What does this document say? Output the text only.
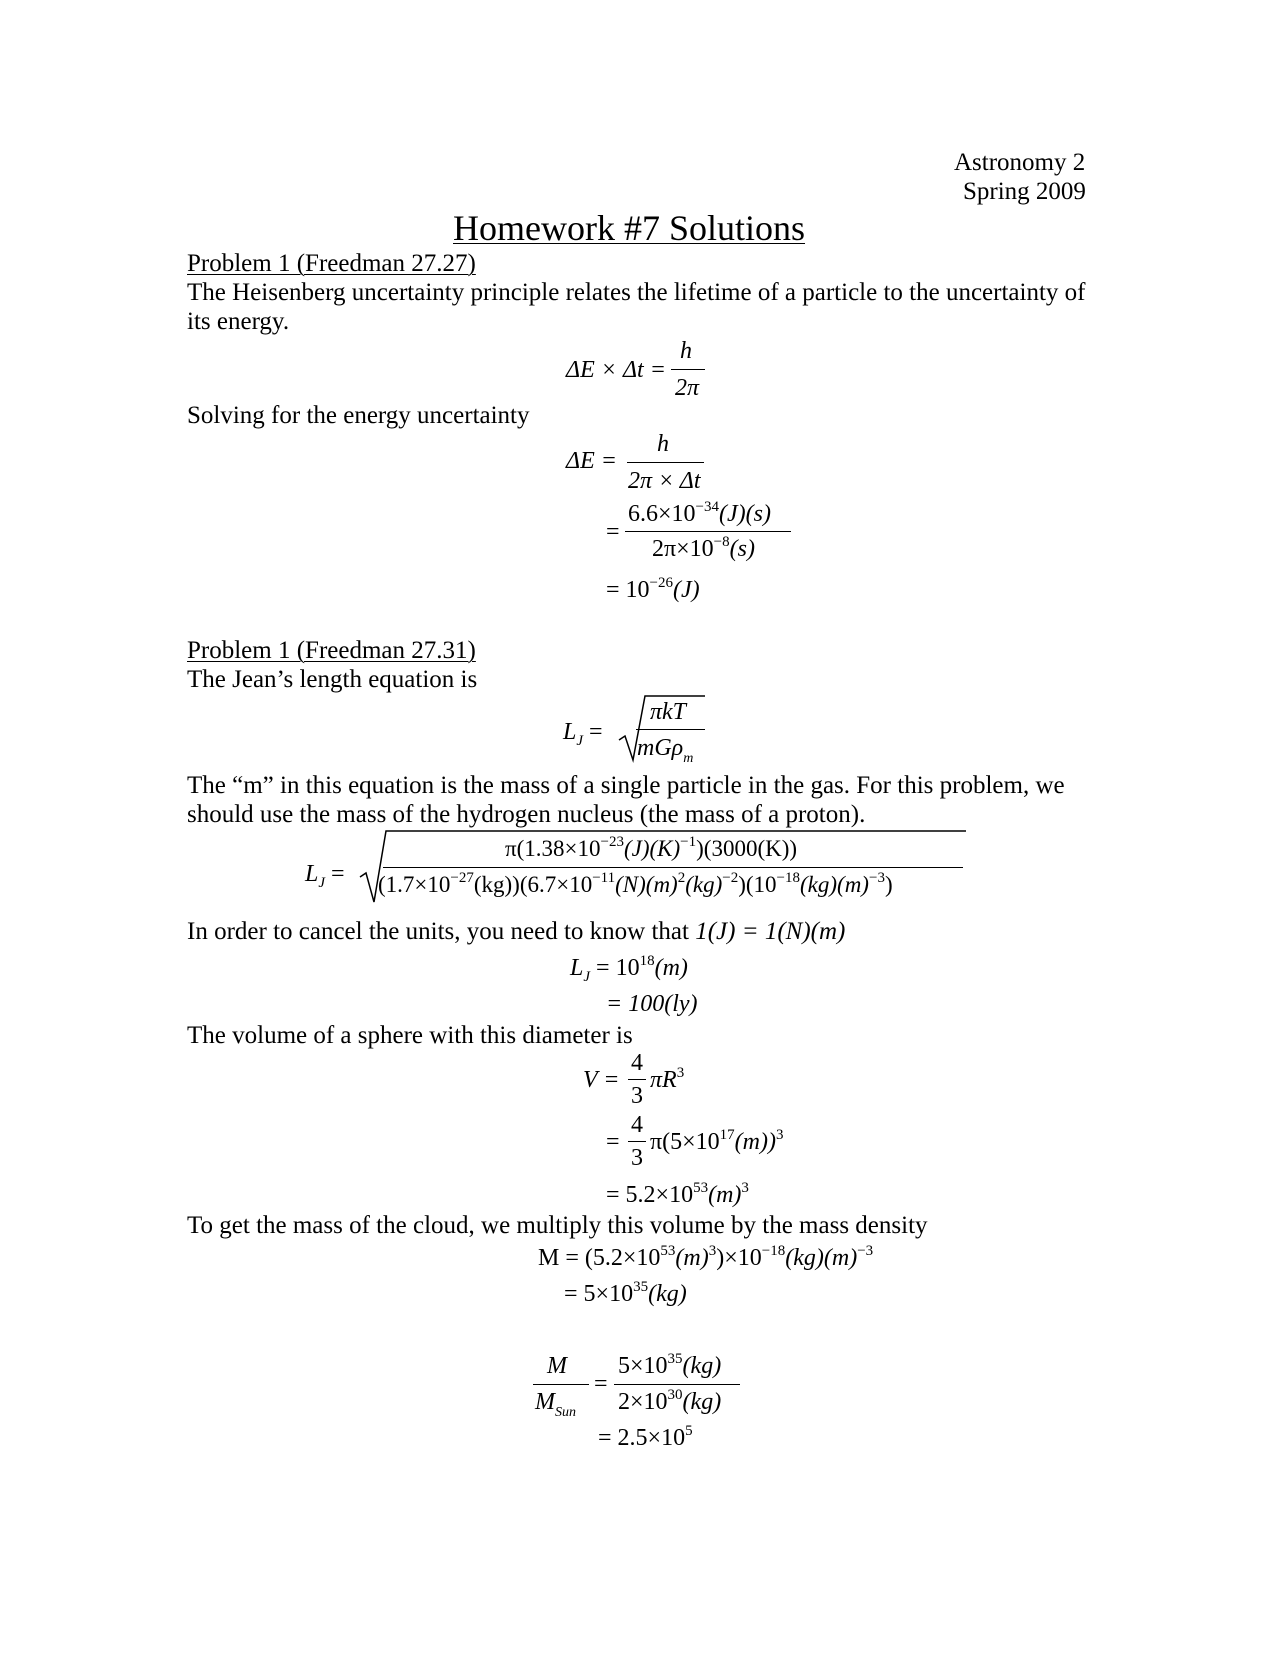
Astronomy 2
Spring 2009
Homework #7 Solutions
Problem 1 (Freedman 27.27)
The Heisenberg uncertainty principle relates the lifetime of a particle to the uncertainty of
its energy.
ΔE × Δt =
h
2π
Solving for the energy uncertainty
ΔE =
h
2π × Δt
=
$6.6\times 10^{-34}(J)(s)$
$2\pi\times 10^{-8}(s)$
= $10^{-26}(J)$
Problem 1 (Freedman 27.31)
The Jean’s length equation is
$L_J$ =
πkT
mGρ$_m$
The “m” in this equation is the mass of a single particle in the gas. For this problem, we
should use the mass of the hydrogen nucleus (the mass of a proton).
$L_J$ =
$\pi(1.38\times 10^{-23}(J)(K)^{-1})(3000(K))$
$(1.7\times 10^{-27}(kg))(6.7\times 10^{-11}(N)(m)^2(kg)^{-2})(10^{-18}(kg)(m)^{-3})$
In order to cancel the units, you need to know that 1(J) = 1(N)(m)
$L_J = 10^{18}(m)$
= 100(ly)
The volume of a sphere with this diameter is
V =
4
3
$\pi R^3$
=
4
3
$\pi(5\times 10^{17}(m))^3$
= $5.2\times 10^{53}(m)^3$
To get the mass of the cloud, we multiply this volume by the mass density
$M = (5.2\times 10^{53}(m)^3)\times 10^{-18}(kg)(m)^{-3}$
= $5\times 10^{35}(kg)$
M
$M_{Sun}$
=
$5\times 10^{35}(kg)$
$2\times 10^{30}(kg)$
= $2.5\times 10^5$
